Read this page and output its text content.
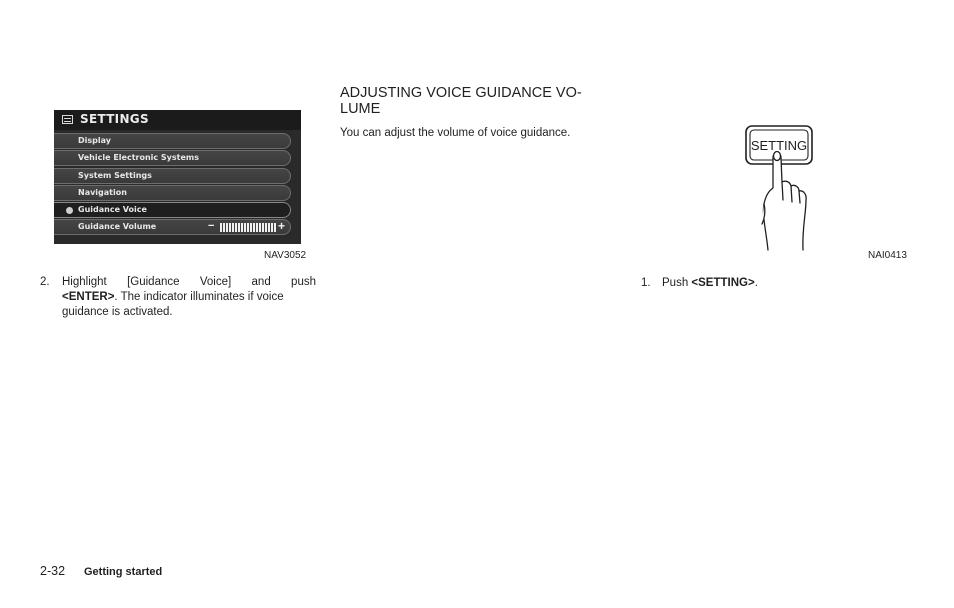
SETTINGS
Display
Vehicle Electronic Systems
System Settings
Navigation
Guidance Voice
Guidance Volume	−	+
NAV3052
2. Highlight [Guidance Voice] and push
<ENTER>. The indicator illuminates if voice
guidance is activated.
ADJUSTING VOICE GUIDANCE VO-
LUME
You can adjust the volume of voice guidance.
SETTING
NAI0413
1. Push <SETTING>.
2-32 Getting started
